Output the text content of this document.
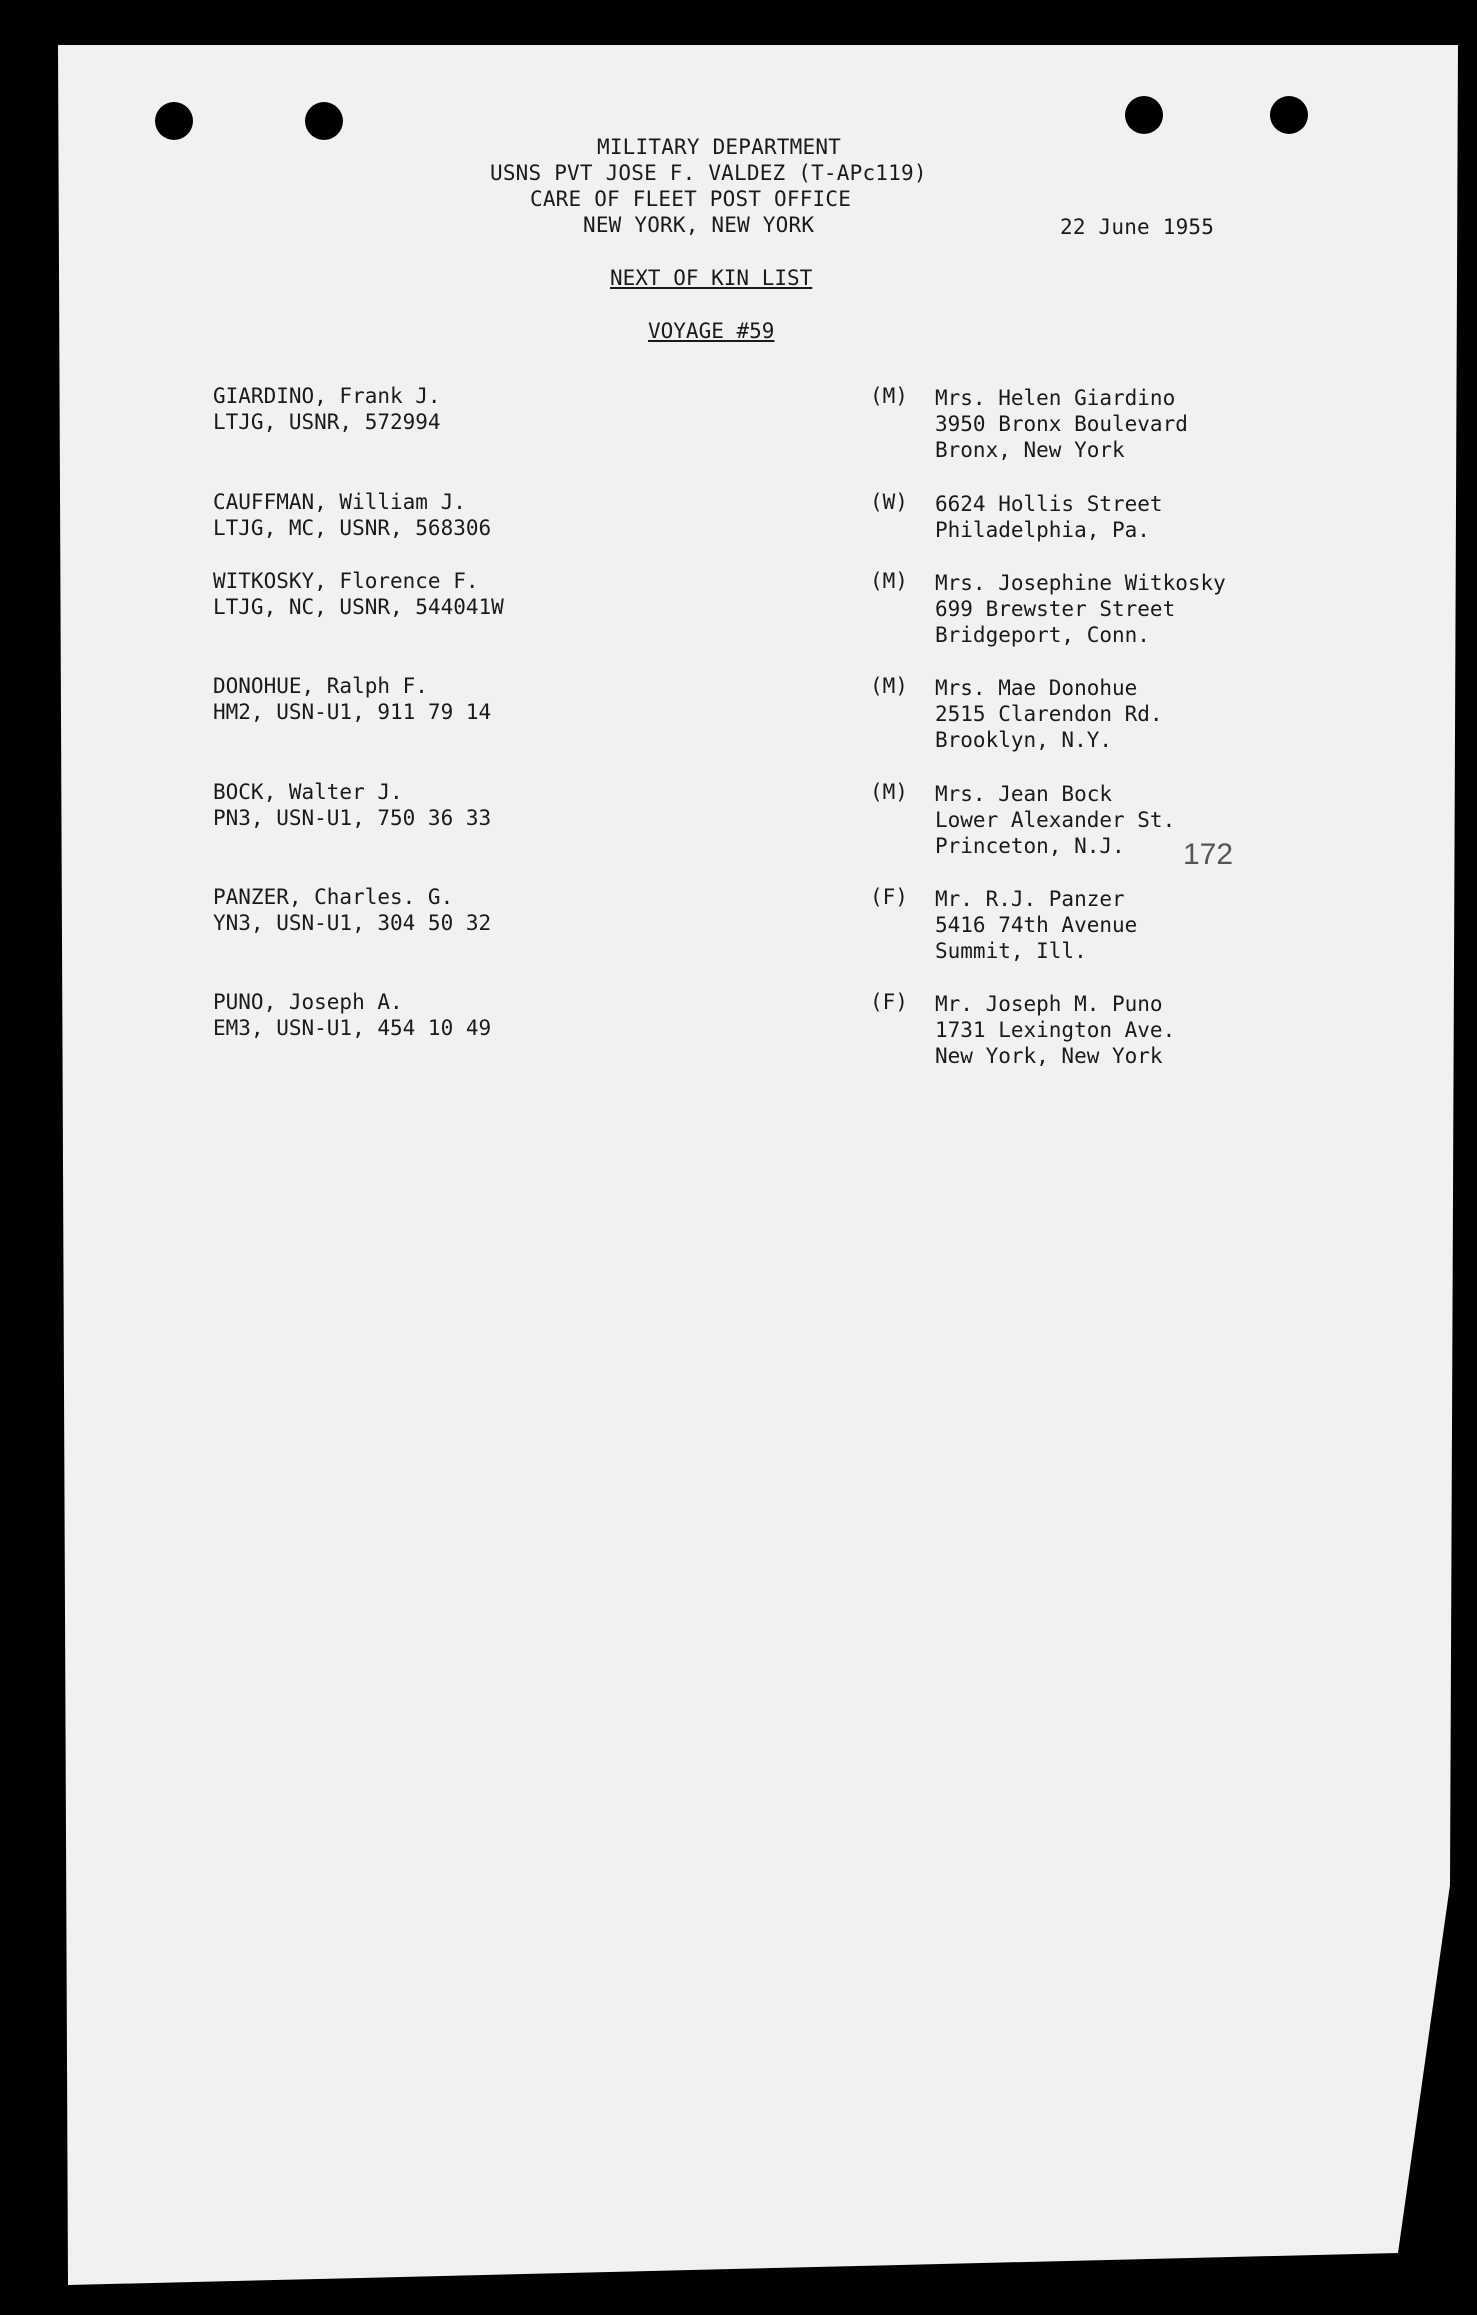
MILITARY DEPARTMENT
USNS PVT JOSE F. VALDEZ (T-APc119)
CARE OF FLEET POST OFFICE
NEW YORK, NEW YORK	22 June 1955
NEXT OF KIN LIST
VOYAGE #59
GIARDINO, Frank J.
LTJG, USNR, 572994
(M) Mrs. Helen Giardino
3950 Bronx Boulevard
Bronx, New York
CAUFFMAN, William J.
LTJG, MC, USNR, 568306
(W) 6624 Hollis Street
Philadelphia, Pa.
WITKOSKY, Florence F.
LTJG, NC, USNR, 544041W
(M) Mrs. Josephine Witkosky
699 Brewster Street
Bridgeport, Conn.
DONOHUE, Ralph F.
HM2, USN-U1, 911 79 14
(M) Mrs. Mae Donohue
2515 Clarendon Rd.
Brooklyn, N.Y.
BOCK, Walter J.
PN3, USN-U1, 750 36 33
(M) Mrs. Jean Bock
Lower Alexander St.
Princeton, N.J. 172
PANZER, Charles. G.
YN3, USN-U1, 304 50 32
(F) Mr. R.J. Panzer
5416 74th Avenue
Summit, Ill.
PUNO, Joseph A.
EM3, USN-U1, 454 10 49
(F) Mr. Joseph M. Puno
1731 Lexington Ave.
New York, New York
